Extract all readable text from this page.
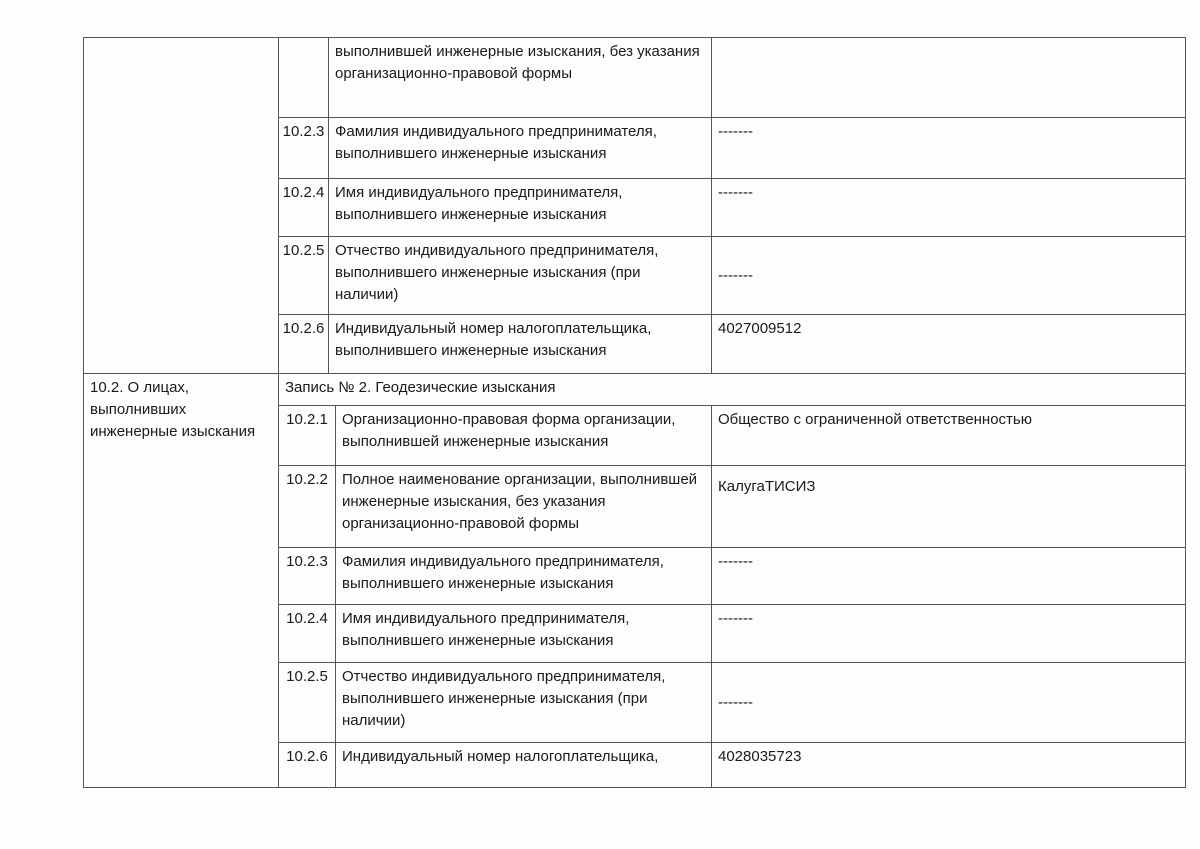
		выполнившей инженерные изыскания, без указания организационно-правовой формы	
	10.2.3	Фамилия индивидуального предпринимателя, выполнившего инженерные изыскания	-------
	10.2.4	Имя индивидуального предпринимателя, выполнившего инженерные изыскания	-------
	10.2.5	Отчество индивидуального предпринимателя, выполнившего инженерные изыскания (при наличии)	-------
	10.2.6	Индивидуальный номер налогоплательщика, выполнившего инженерные изыскания	4027009512
10.2. О лицах, выполнивших инженерные изыскания	Запись № 2. Геодезические изыскания		
	10.2.1	Организационно-правовая форма организации, выполнившей инженерные изыскания	Общество с ограниченной ответственностью
	10.2.2	Полное наименование организации, выполнившей инженерные изыскания, без указания организационно-правовой формы	КалугаТИСИЗ
	10.2.3	Фамилия индивидуального предпринимателя, выполнившего инженерные изыскания	-------
	10.2.4	Имя индивидуального предпринимателя, выполнившего инженерные изыскания	-------
	10.2.5	Отчество индивидуального предпринимателя, выполнившего инженерные изыскания (при наличии)	-------
	10.2.6	Индивидуальный номер налогоплательщика,	4028035723
